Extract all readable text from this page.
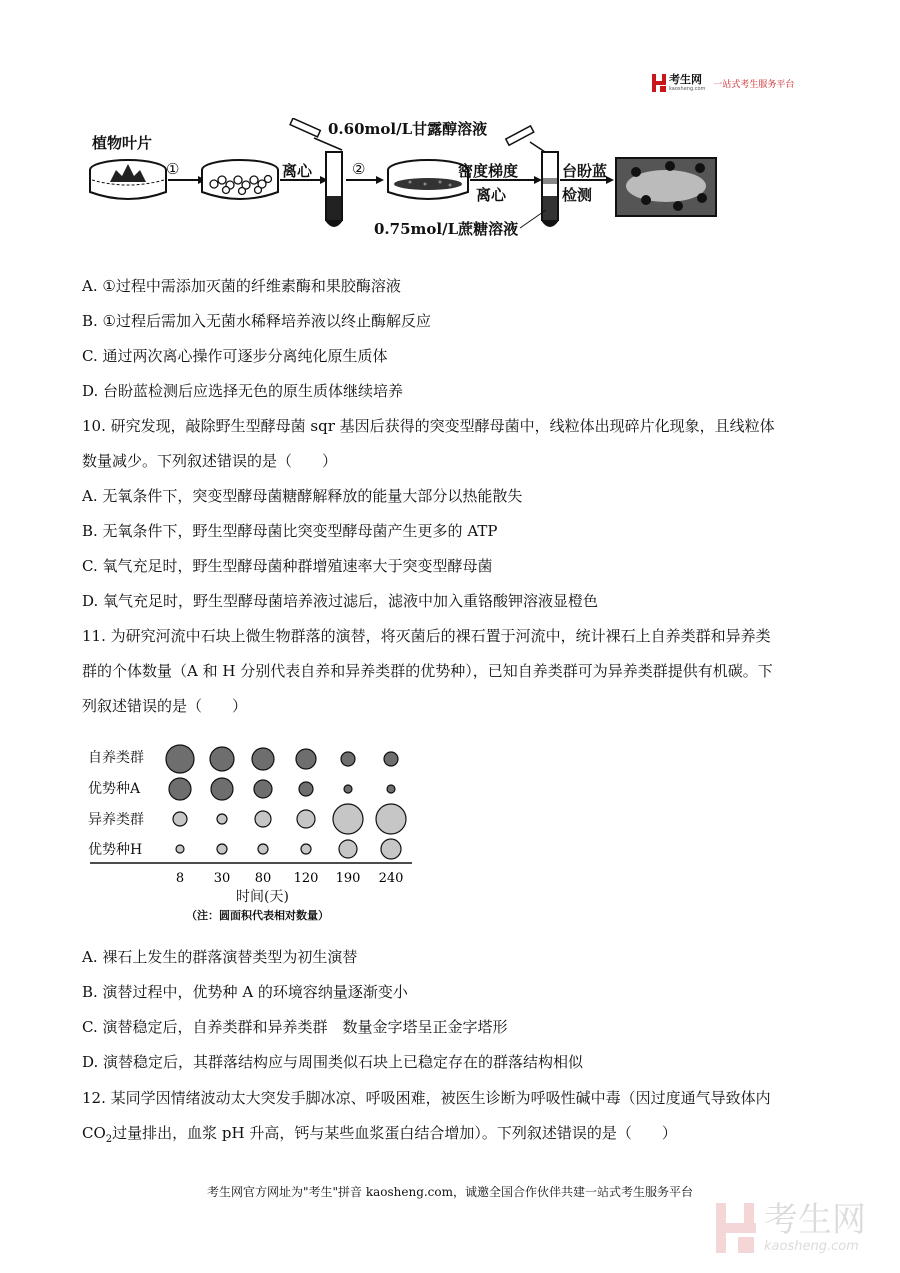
考生网
kaosheng.com 一站式考生服务平台
植物叶片
①	离心	②
0.60mol/L甘露醇溶液
密度梯度
离心
0.75mol/L蔗糖溶液
台盼蓝
检测
A. ①过程中需添加灭菌的纤维素酶和果胶酶溶液
B. ①过程后需加入无菌水稀释培养液以终止酶解反应
C. 通过两次离心操作可逐步分离纯化原生质体
D. 台盼蓝检测后应选择无色的原生质体继续培养
10. 研究发现，敲除野生型酵母菌 sqr 基因后获得的突变型酵母菌中，线粒体出现碎片化现象，且线粒体
数量减少。下列叙述错误的是（　　）
A. 无氧条件下，突变型酵母菌糖酵解释放的能量大部分以热能散失
B. 无氧条件下，野生型酵母菌比突变型酵母菌产生更多的 ATP
C. 氧气充足时，野生型酵母菌种群增殖速率大于突变型酵母菌
D. 氧气充足时，野生型酵母菌培养液过滤后，滤液中加入重铬酸钾溶液显橙色
11. 为研究河流中石块上微生物群落的演替，将灭菌后的裸石置于河流中，统计裸石上自养类群和异养类
群的个体数量（A 和 H 分别代表自养和异养类群的优势种），已知自养类群可为异养类群提供有机碳。下
列叙述错误的是（　　）
8 30 80 120 190 240
自养类群
优势种A
异养类群
优势种H
时间(天)
（注：圆面积代表相对数量）
A. 裸石上发生的群落演替类型为初生演替
B. 演替过程中，优势种 A 的环境容纳量逐渐变小
C. 演替稳定后，自养类群和异养类群　数量金字塔呈正金字塔形
D. 演替稳定后，其群落结构应与周围类似石块上已稳定存在的群落结构相似
12. 某同学因情绪波动太大突发手脚冰凉、呼吸困难，被医生诊断为呼吸性碱中毒（因过度通气导致体内
$CO_2$过量排出，血浆 pH 升高，钙与某些血浆蛋白结合增加）。下列叙述错误的是（　　）
考生网官方网址为"考生"拼音 kaosheng.com，诚邀全国合作伙伴共建一站式考生服务平台
考生网
kaosheng.com
